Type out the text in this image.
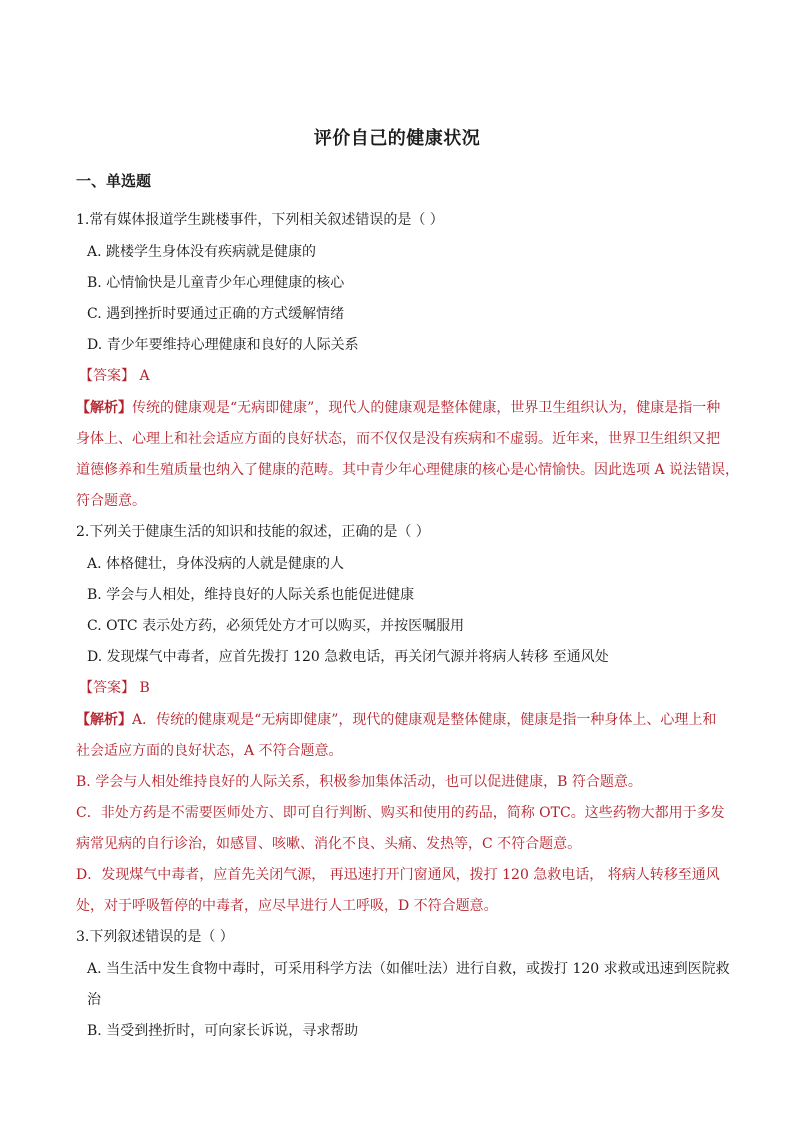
评价自己的健康状况
一、单选题
1.常有媒体报道学生跳楼事件，下列相关叙述错误的是（ ）
A. 跳楼学生身体没有疾病就是健康的
B. 心情愉快是儿童青少年心理健康的核心
C. 遇到挫折时要通过正确的方式缓解情绪
D. 青少年要维持心理健康和良好的人际关系
【答案】 A
【解析】传统的健康观是“无病即健康”，现代人的健康观是整体健康，世界卫生组织认为，健康是指一种
身体上、心理上和社会适应方面的良好状态，而不仅仅是没有疾病和不虚弱。近年来，世界卫生组织又把
道德修养和生殖质量也纳入了健康的范畴。其中青少年心理健康的核心是心情愉快。因此选项 A 说法错误，
符合题意。
2.下列关于健康生活的知识和技能的叙述，正确的是（ ）
A. 体格健壮，身体没病的人就是健康的人
B. 学会与人相处，维持良好的人际关系也能促进健康
C. OTC 表示处方药，必须凭处方才可以购买，并按医嘱服用
D. 发现煤气中毒者，应首先拨打 120 急救电话，再关闭气源并将病人转移 至通风处
【答案】 B
【解析】A．传统的健康观是“无病即健康”，现代的健康观是整体健康，健康是指一种身体上、心理上和
社会适应方面的良好状态，A 不符合题意。
B. 学会与人相处维持良好的人际关系，积极参加集体活动，也可以促进健康，B 符合题意。
C．非处方药是不需要医师处方、即可自行判断、购买和使用的药品，简称 OTC。这些药物大都用于多发
病常见病的自行诊治，如感冒、咳嗽、消化不良、头痛、发热等，C 不符合题意。
D．发现煤气中毒者，应首先关闭气源， 再迅速打开门窗通风，拨打 120 急救电话， 将病人转移至通风
处，对于呼吸暂停的中毒者，应尽早进行人工呼吸，D 不符合题意。
3.下列叙述错误的是（ ）
A. 当生活中发生食物中毒时，可采用科学方法（如催吐法）进行自救，或拨打 120 求救或迅速到医院救
治
B. 当受到挫折时，可向家长诉说，寻求帮助
